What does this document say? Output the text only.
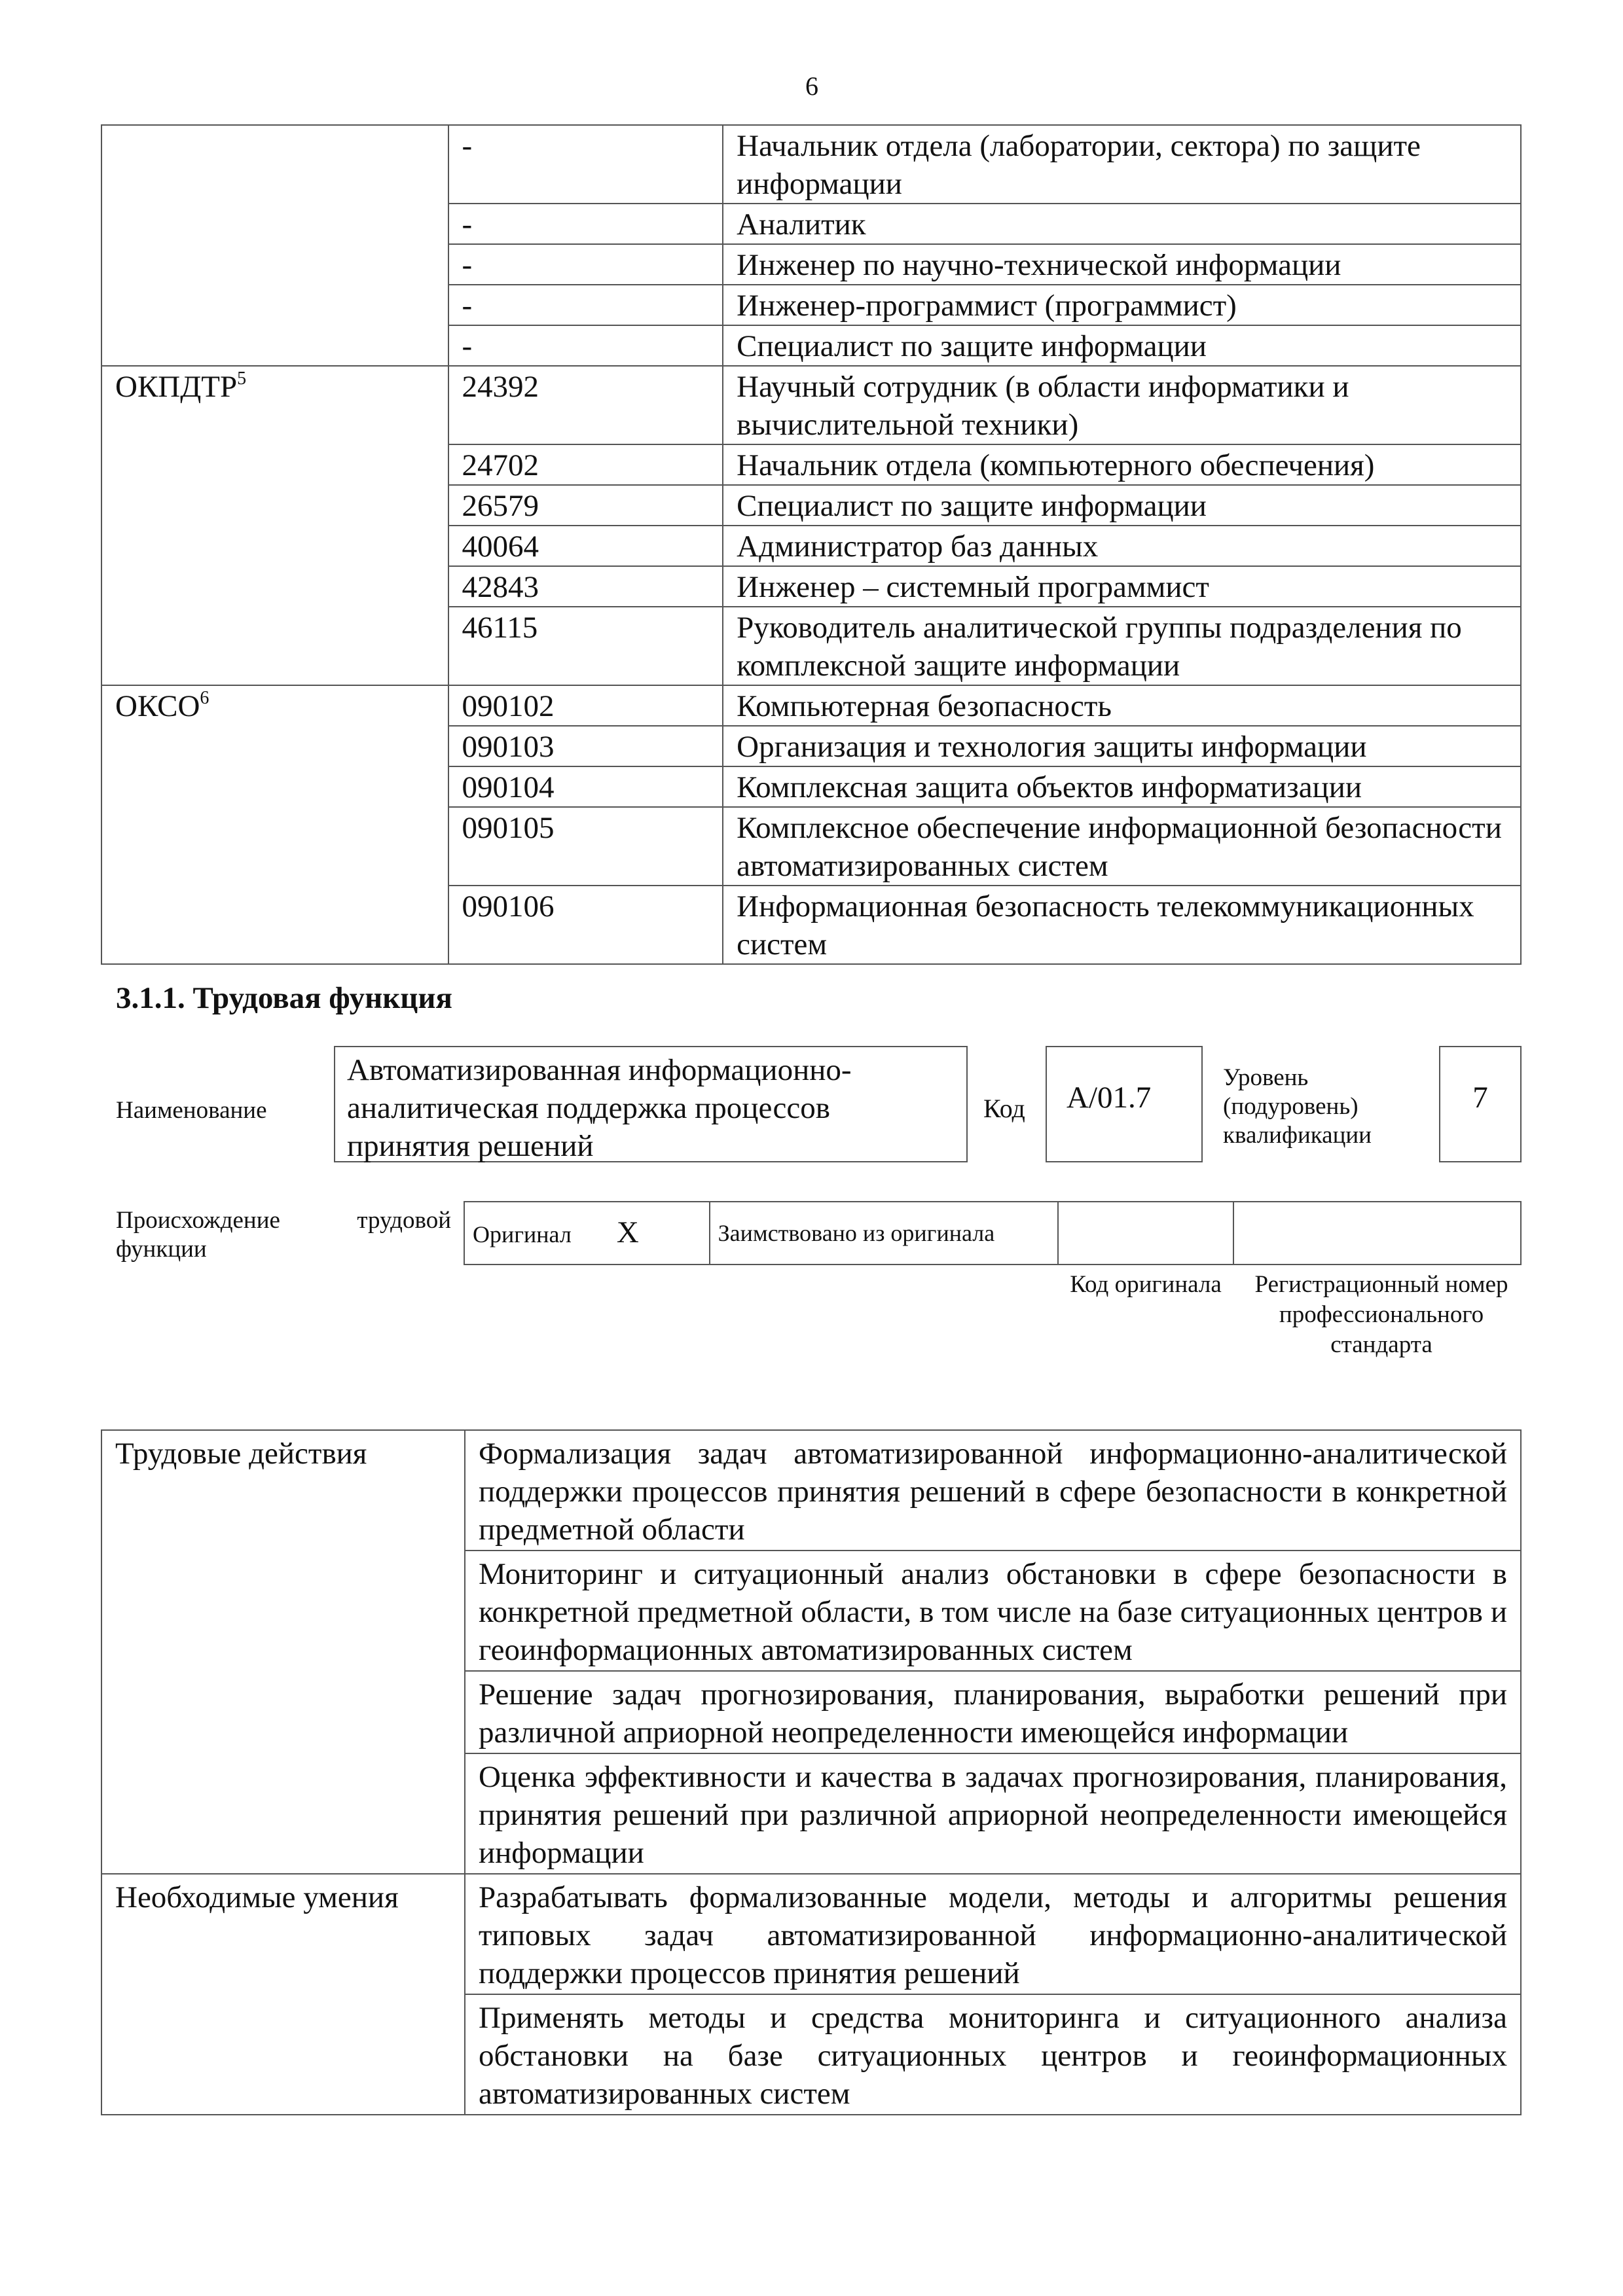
6
	-	Начальник отдела (лаборатории, сектора) по защите информации
	-	Аналитик
	-	Инженер по научно-технической информации
	-	Инженер-программист (программист)
	-	Специалист по защите информации
ОКПДТР$^5$	24392	Научный сотрудник (в области информатики и вычислительной техники)
	24702	Начальник отдела (компьютерного обеспечения)
	26579	Специалист по защите информации
	40064	Администратор баз данных
	42843	Инженер – системный программист
	46115	Руководитель аналитической группы подразделения по комплексной защите информации
ОКСО$^6$	090102	Компьютерная безопасность
	090103	Организация и технология защиты информации
	090104	Комплексная защита объектов информатизации
	090105	Комплексное обеспечение информационной безопасности автоматизированных систем
	090106	Информационная безопасность телекоммуникационных систем
3.1.1. Трудовая функция
Наименование
Автоматизированная информационно-аналитическая поддержка процессов принятия решений
Код	А/01.7
Уровень (подуровень) квалификации
7
Происхождение трудовой функции
Оригинал X	Заимствовано из оригинала		
Код оригинала	Регистрационный номер профессионального стандарта
Трудовые действия	Формализация задач автоматизированной информационно-аналитической поддержки процессов принятия решений в сфере безопасности в конкретной предметной области
	Мониторинг и ситуационный анализ обстановки в сфере безопасности в конкретной предметной области, в том числе на базе ситуационных центров и геоинформационных автоматизированных систем
	Решение задач прогнозирования, планирования, выработки решений при различной априорной неопределенности имеющейся информации
	Оценка эффективности и качества в задачах прогнозирования, планирования, принятия решений при различной априорной неопределенности имеющейся информации
Необходимые умения	Разрабатывать формализованные модели, методы и алгоритмы решения типовых задач автоматизированной информационно-аналитической поддержки процессов принятия решений
	Применять методы и средства мониторинга и ситуационного анализа обстановки на базе ситуационных центров и геоинформационных автоматизированных систем
